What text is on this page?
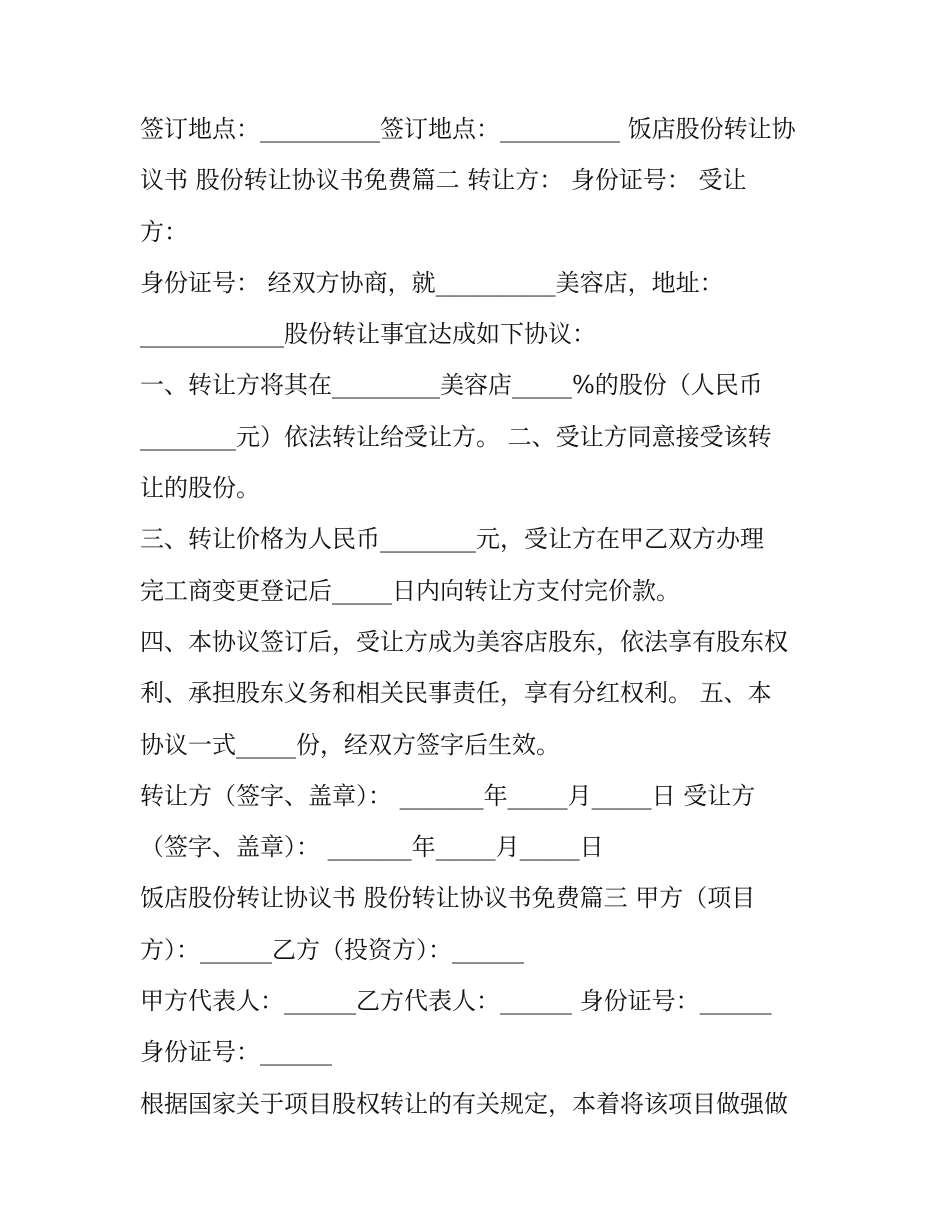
签订地点：__________签订地点：__________ 饭店股份转让协
议书 股份转让协议书免费篇二 转让方： 身份证号： 受让
方：
身份证号： 经双方协商，就__________美容店，地址：
____________股份转让事宜达成如下协议：
一、转让方将其在_________美容店_____%的股份（人民币
________元）依法转让给受让方。 二、受让方同意接受该转
让的股份。
三、转让价格为人民币________元，受让方在甲乙双方办理
完工商变更登记后_____日内向转让方支付完价款。
四、本协议签订后，受让方成为美容店股东，依法享有股东权
利、承担股东义务和相关民事责任，享有分红权利。 五、本
协议一式_____份，经双方签字后生效。
转让方（签字、盖章）： _______年_____月_____日 受让方
（签字、盖章）： _______年_____月_____日
饭店股份转让协议书 股份转让协议书免费篇三 甲方（项目
方）：______乙方（投资方）：______
甲方代表人：______乙方代表人：______ 身份证号：______
身份证号：______
根据国家关于项目股权转让的有关规定，本着将该项目做强做
